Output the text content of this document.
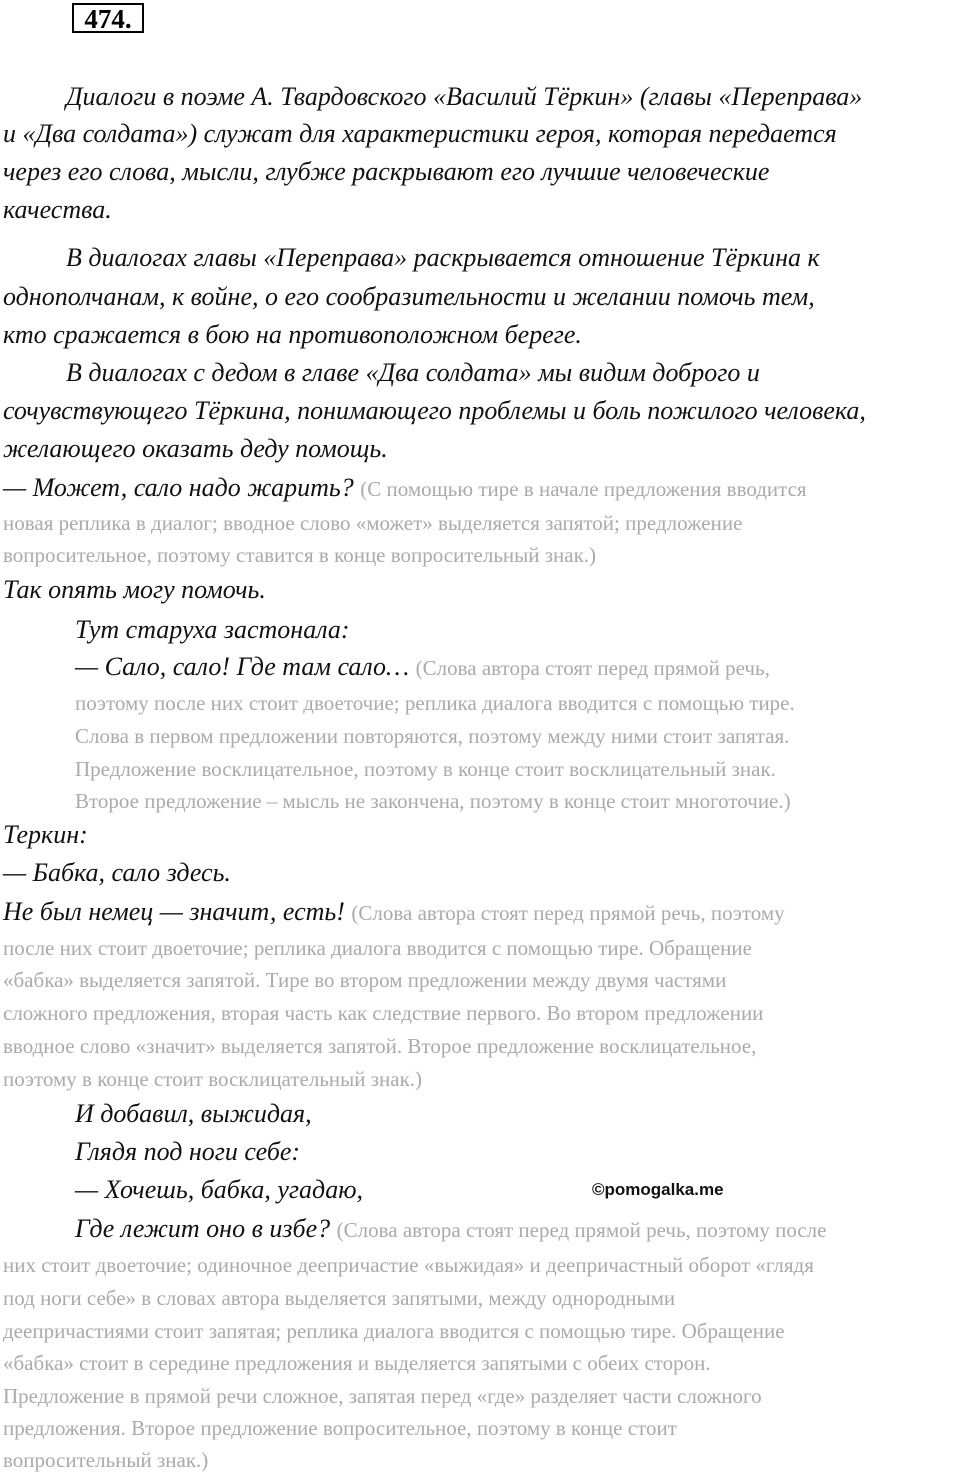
474.
Диалоги в поэме А. Твардовского «Василий Тёркин» (главы «Переправа»
и «Два солдата») служат для характеристики героя, которая передается
через его слова, мысли, глубже раскрывают его лучшие человеческие
качества.
В диалогах главы «Переправа» раскрывается отношение Тёркина к
однополчанам, к войне, о его сообразительности и желании помочь тем,
кто сражается в бою на противоположном береге.
В диалогах с дедом в главе «Два солдата» мы видим доброго и
сочувствующего Тёркина, понимающего проблемы и боль пожилого человека,
желающего оказать деду помощь.
— Может, сало надо жарить? (С помощью тире в начале предложения вводится
новая реплика в диалог; вводное слово «может» выделяется запятой; предложение
вопросительное, поэтому ставится в конце вопросительный знак.)
Так опять могу помочь.
Тут старуха застонала:
— Сало, сало! Где там сало… (Слова автора стоят перед прямой речь,
поэтому после них стоит двоеточие; реплика диалога вводится с помощью тире.
Слова в первом предложении повторяются, поэтому между ними стоит запятая.
Предложение восклицательное, поэтому в конце стоит восклицательный знак.
Второе предложение – мысль не закончена, поэтому в конце стоит многоточие.)
Теркин:
— Бабка, сало здесь.
Не был немец — значит, есть! (Слова автора стоят перед прямой речь, поэтому
после них стоит двоеточие; реплика диалога вводится с помощью тире. Обращение
«бабка» выделяется запятой. Тире во втором предложении между двумя частями
сложного предложения, вторая часть как следствие первого. Во втором предложении
вводное слово «значит» выделяется запятой. Второе предложение восклицательное,
поэтому в конце стоит восклицательный знак.)
И добавил, выжидая,
Глядя под ноги себе:
— Хочешь, бабка, угадаю,	©pomogalka.me
Где лежит оно в избе? (Слова автора стоят перед прямой речь, поэтому после
них стоит двоеточие; одиночное деепричастие «выжидая» и деепричастный оборот «глядя
под ноги себе» в словах автора выделяется запятыми, между однородными
деепричастиями стоит запятая; реплика диалога вводится с помощью тире. Обращение
«бабка» стоит в середине предложения и выделяется запятыми с обеих сторон.
Предложение в прямой речи сложное, запятая перед «где» разделяет части сложного
предложения. Второе предложение вопросительное, поэтому в конце стоит
вопросительный знак.)
